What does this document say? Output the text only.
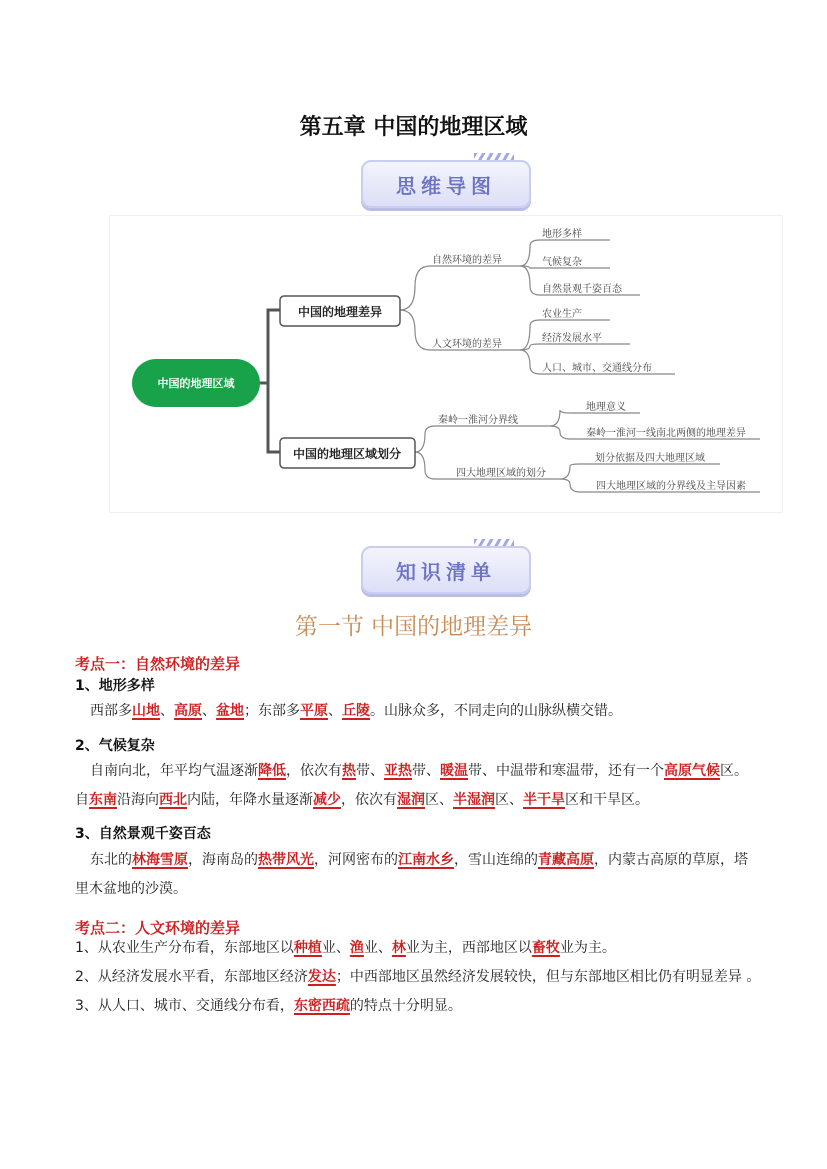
第五章 中国的地理区域
思维导图
中国的地理区域
中国的地理差异
中国的地理区域划分
自然环境的差异
人文环境的差异
地形多样
气候复杂
自然景观千姿百态
农业生产
经济发展水平
人口、城市、交通线分布
秦岭一淮河分界线
四大地理区域的划分
地理意义
秦岭一淮河一线南北两侧的地理差异
划分依据及四大地理区域
四大地理区域的分界线及主导因素
知识清单
第一节 中国的地理差异
考点一：自然环境的差异
1、地形多样
西部多山地、高原、盆地；东部多平原、丘陵。山脉众多，不同走向的山脉纵横交错。
2、气候复杂
自南向北，年平均气温逐渐降低，依次有热带、亚热带、暖温带、中温带和寒温带，还有一个高原气候区。
自东南沿海向西北内陆，年降水量逐渐减少，依次有湿润区、半湿润区、半干旱区和干旱区。
3、自然景观千姿百态
东北的林海雪原，海南岛的热带风光，河网密布的江南水乡，雪山连绵的青藏高原，内蒙古高原的草原，塔
里木盆地的沙漠。
考点二：人文环境的差异
1、从农业生产分布看，东部地区以种植业、渔业、林业为主，西部地区以畜牧业为主。
2、从经济发展水平看，东部地区经济发达；中西部地区虽然经济发展较快，但与东部地区相比仍有明显差异 。
3、从人口、城市、交通线分布看，东密西疏的特点十分明显。
